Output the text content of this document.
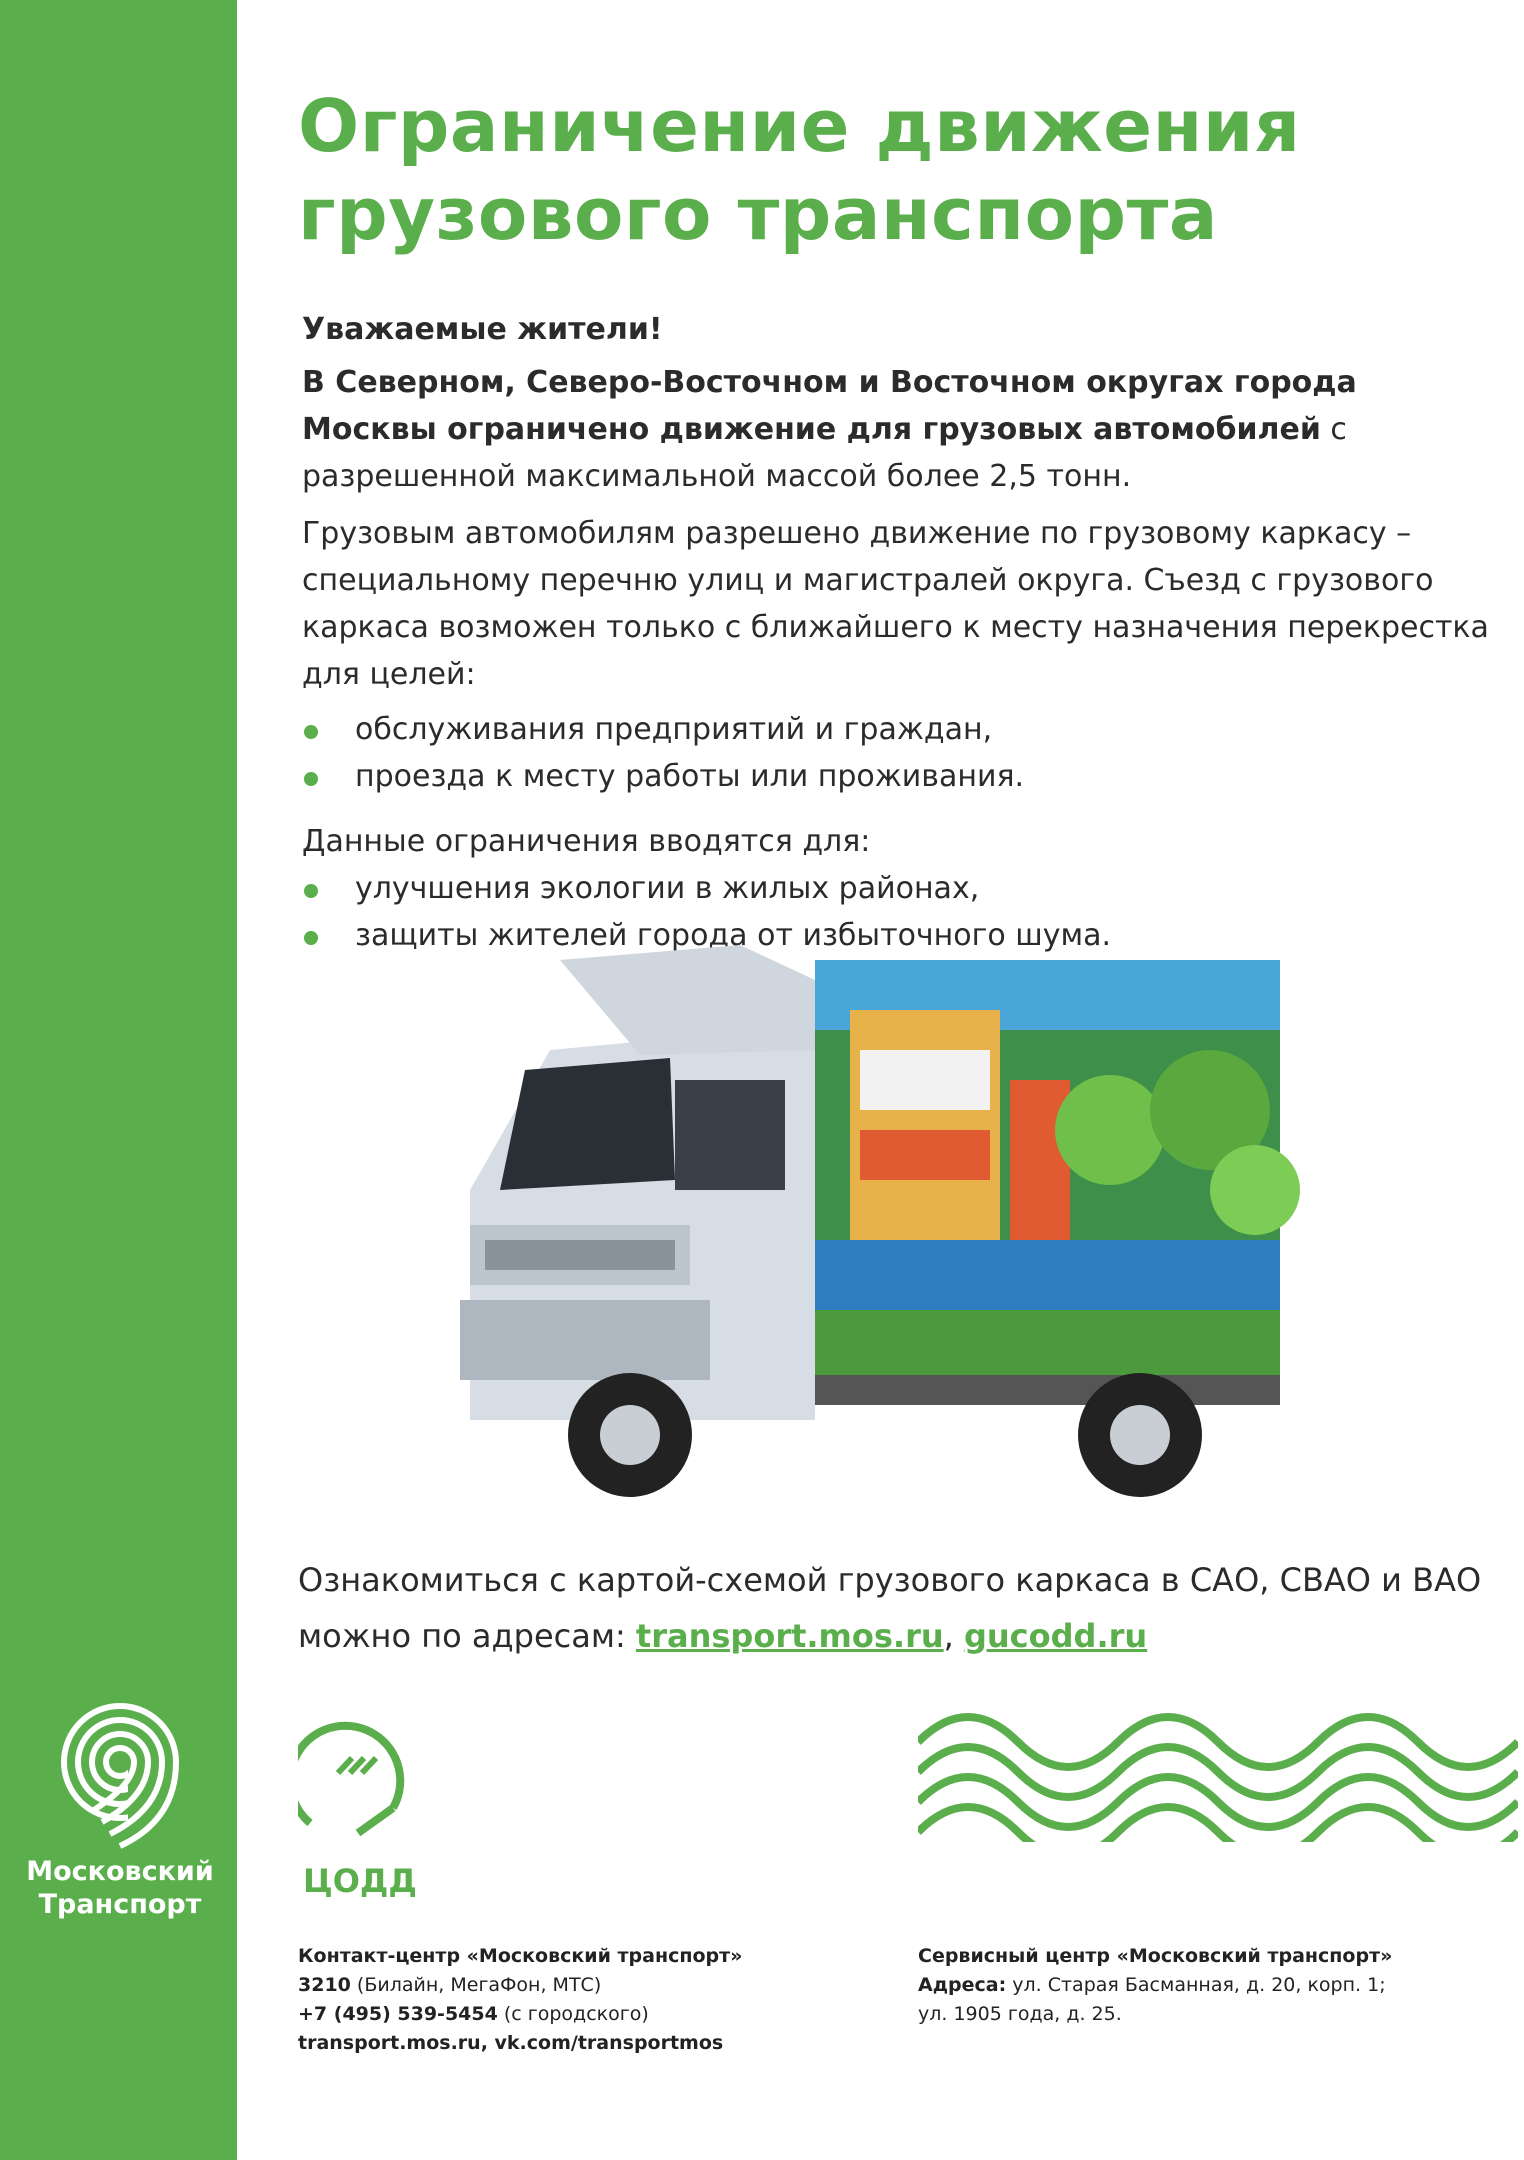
Московский
Транспорт
Ограничение движения
грузового транспорта

Уважаемые жители!

В Северном, Северо-Восточном и Восточном округах города Москвы ограничено движение для грузовых автомобилей с разрешенной максимальной массой более 2,5 тонн.

Грузовым автомобилям разрешено движение по грузовому каркасу – специальному перечню улиц и магистралей округа. Съезд с грузового каркаса возможен только с ближайшего к месту назначения перекрестка для целей:

обслуживания предприятий и граждан,
проезда к месту работы или проживания.

Данные ограничения вводятся для:

улучшения экологии в жилых районах,
защиты жителей города от избыточного шума.

Ознакомиться с картой-схемой грузового каркаса в САО, СВАО и ВАО

можно по адресам: transport.mos.ru, gucodd.ru

ЦОДД

Контакт-центр «Московский транспорт»

3210 (Билайн, МегаФон, МТС)

+7 (495) 539-5454 (с городского)

transport.mos.ru, vk.com/transportmos

Сервисный центр «Московский транспорт»

Адреса: ул. Старая Басманная, д. 20, корп. 1;

ул. 1905 года, д. 25.
